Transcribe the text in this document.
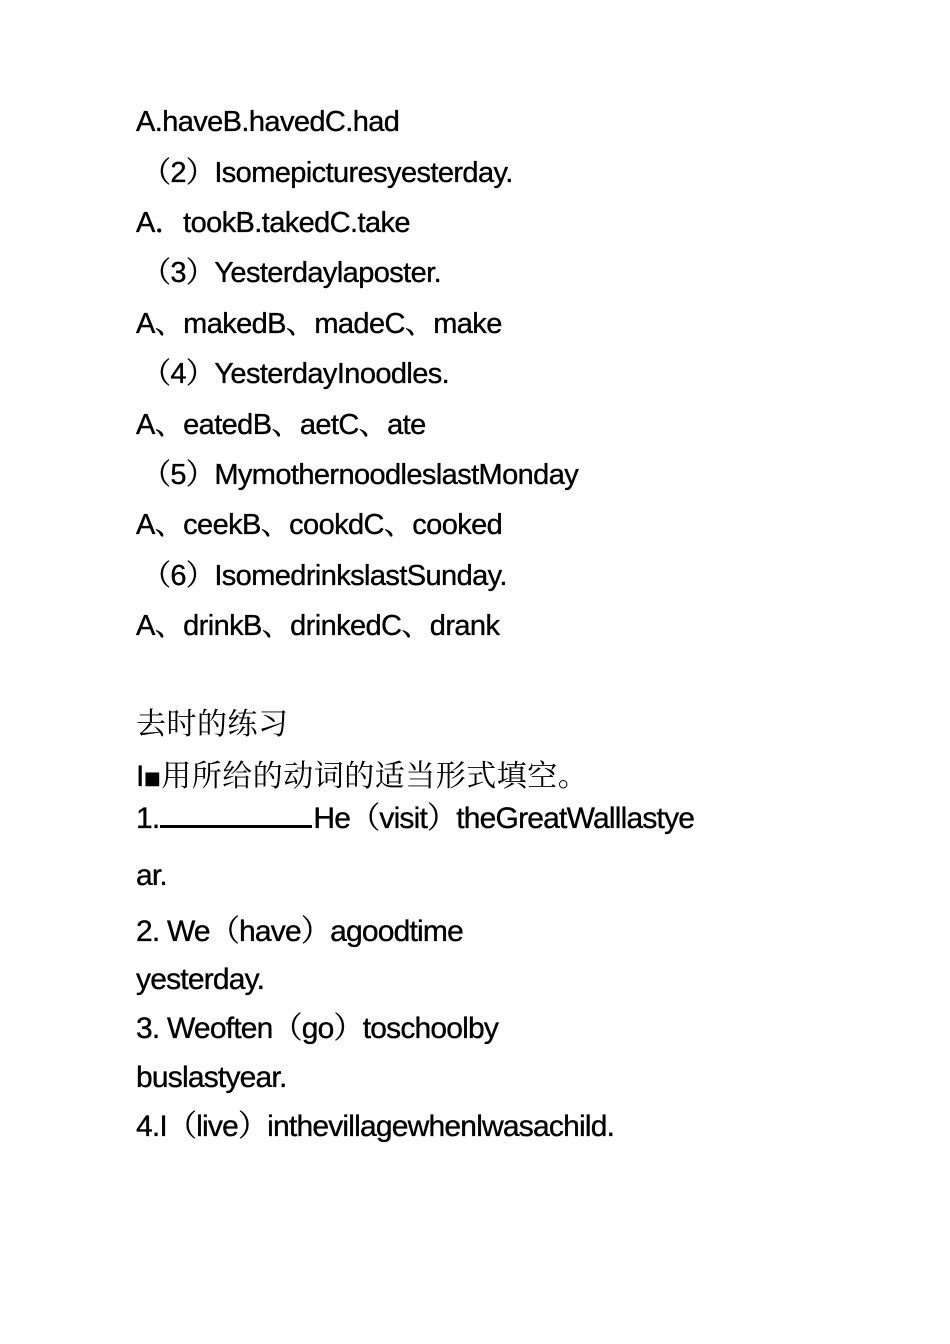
A.haveB.havedC.had
（2）Isomepicturesyesterday.
A．tookB.takedC.take
（3）Yesterdaylaposter.
A、makedB、madeC、make
（4）YesterdayInoodles.
A、eatedB、aetC、ate
（5）MymothernoodleslastMonday
A、ceekB、cookdC、cooked
（6）IsomedrinkslastSunday.
A、drinkB、drinkedC、drank
去时的练习
I■用所给的动词的适当形式填空。
1.	He（visit）theGreatWalllastye
ar.
2. We（have）agoodtime
yesterday.
3. Weoften（go）toschoolby
buslastyear.
4.I（live）inthevillagewhenlwasachild.
